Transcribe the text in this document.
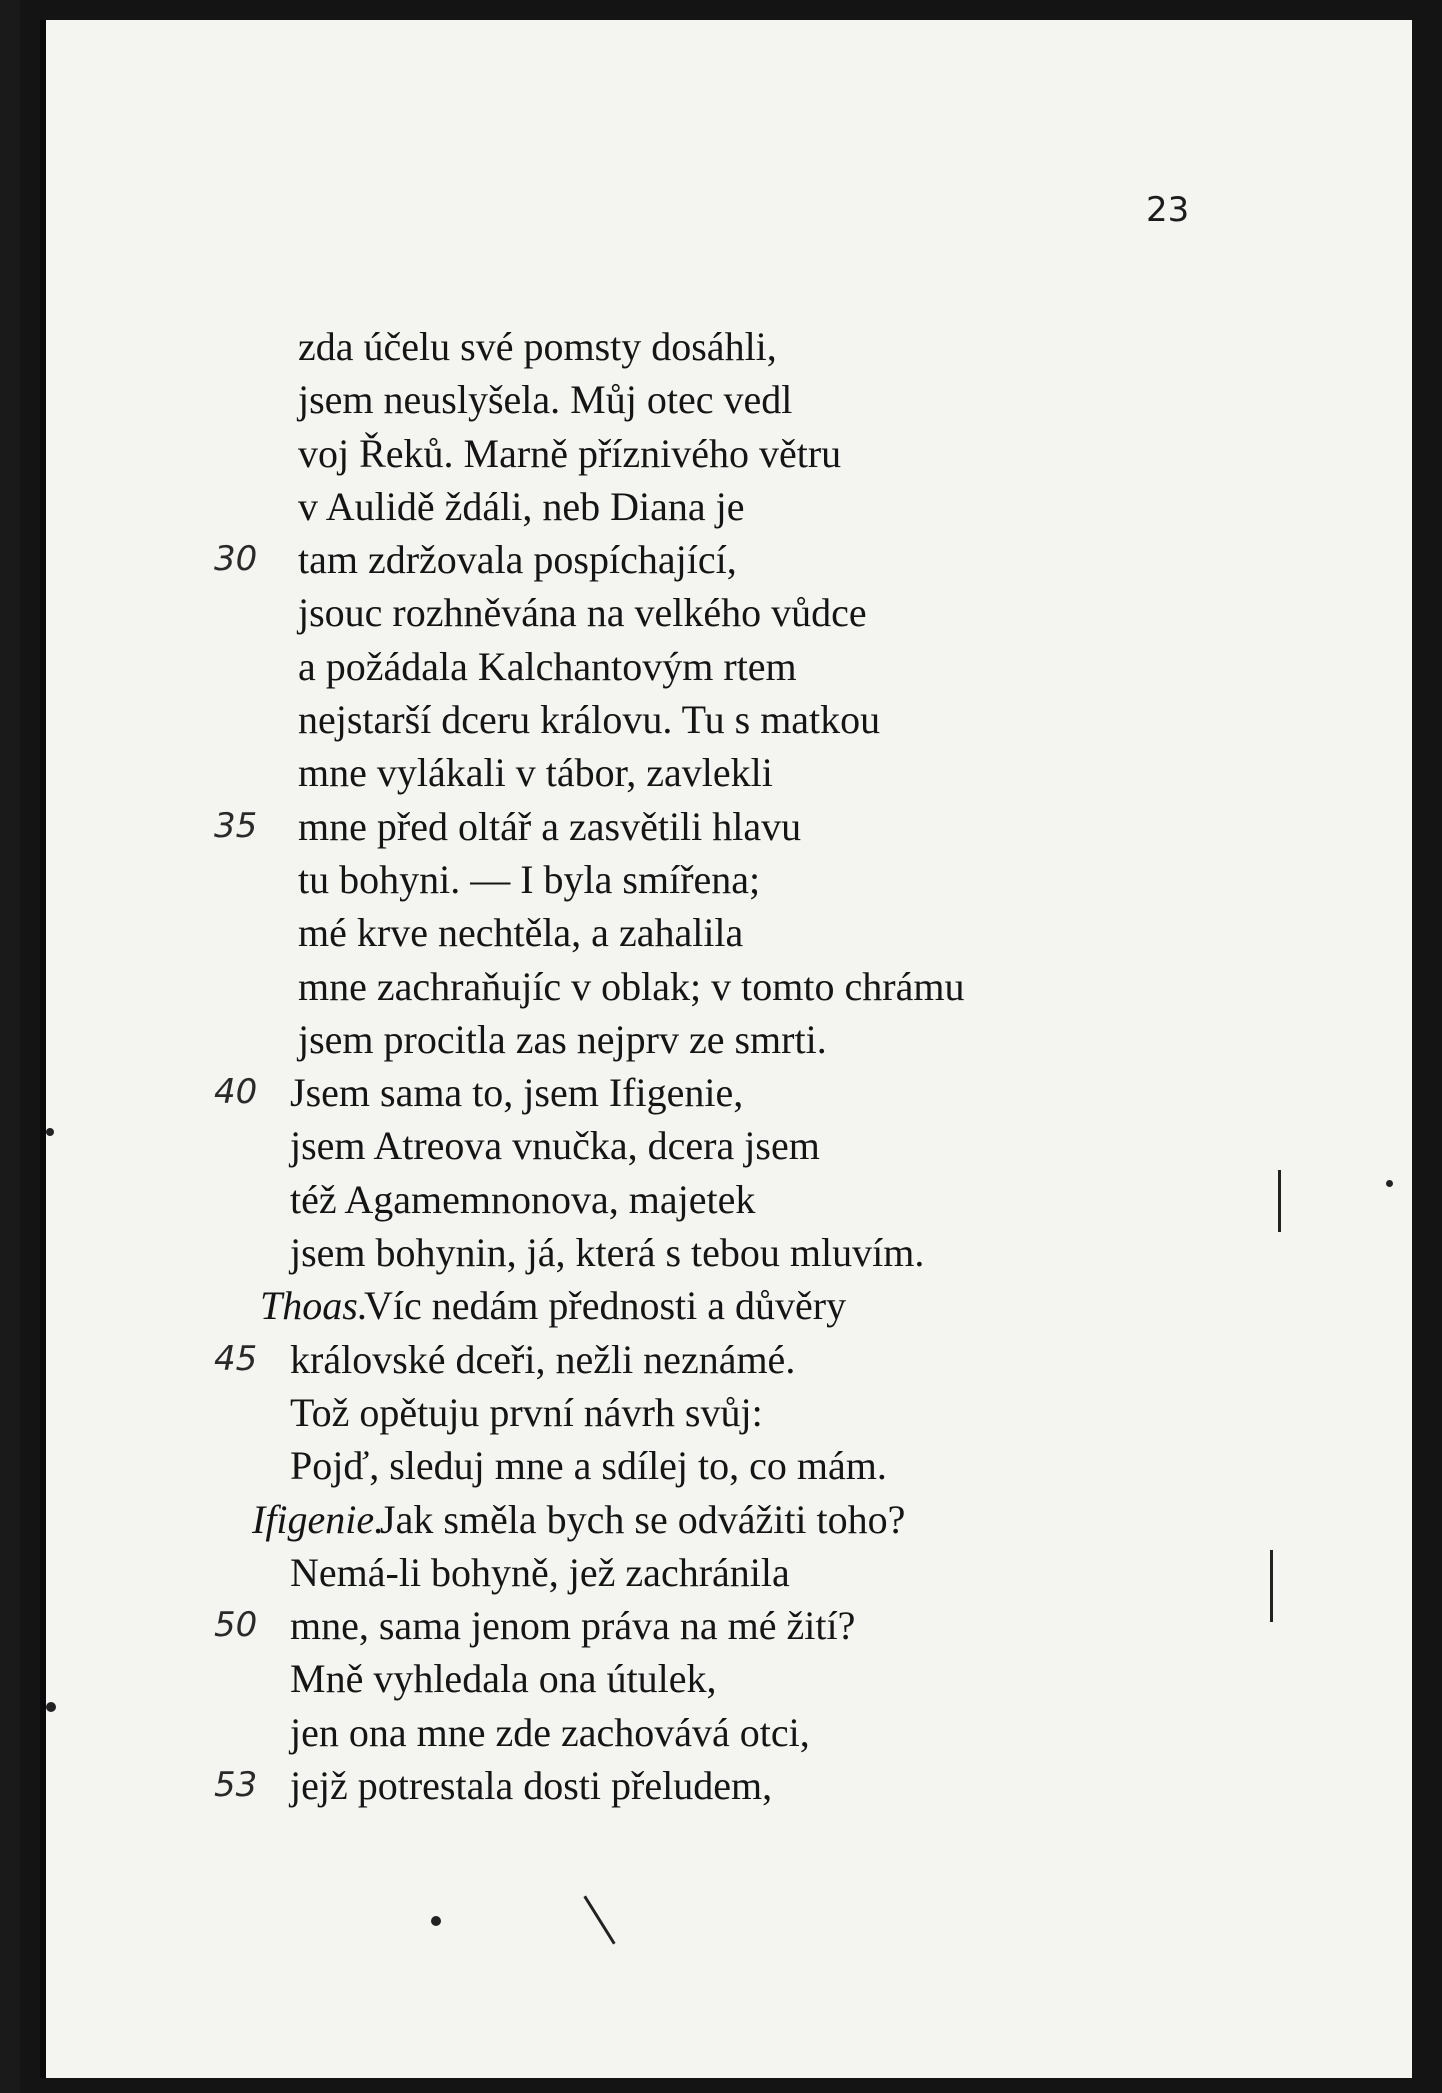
23
zda účelu své pomsty dosáhli,
jsem neuslyšela. Můj otec vedl
voj Řeků. Marně příznivého větru
v Aulidě ždáli, neb Diana je
30 tam zdržovala pospíchající,
jsouc rozhněvána na velkého vůdce
a požádala Kalchantovým rtem
nejstarší dceru královu. Tu s matkou
mne vylákali v tábor, zavlekli
35 mne před oltář a zasvětili hlavu
tu bohyni. — I byla smířena;
mé krve nechtěla, a zahalila
mne zachraňujíc v oblak; v tomto chrámu
jsem procitla zas nejprv ze smrti.
40 Jsem sama to, jsem Ifigenie,
jsem Atreova vnučka, dcera jsem
též Agamemnonova, majetek
jsem bohynin, já, která s tebou mluvím.
Thoas.
Víc nedám přednosti a důvěry
45 královské dceři, nežli neznámé.
Tož opětuju první návrh svůj:
Pojď, sleduj mne a sdílej to, co mám.
Ifigenie.
Jak směla bych se odvážiti toho?
Nemá-li bohyně, jež zachránila
50 mne, sama jenom práva na mé žití?
Mně vyhledala ona útulek,
jen ona mne zde zachovává otci,
53 jejž potrestala dosti přeludem,
